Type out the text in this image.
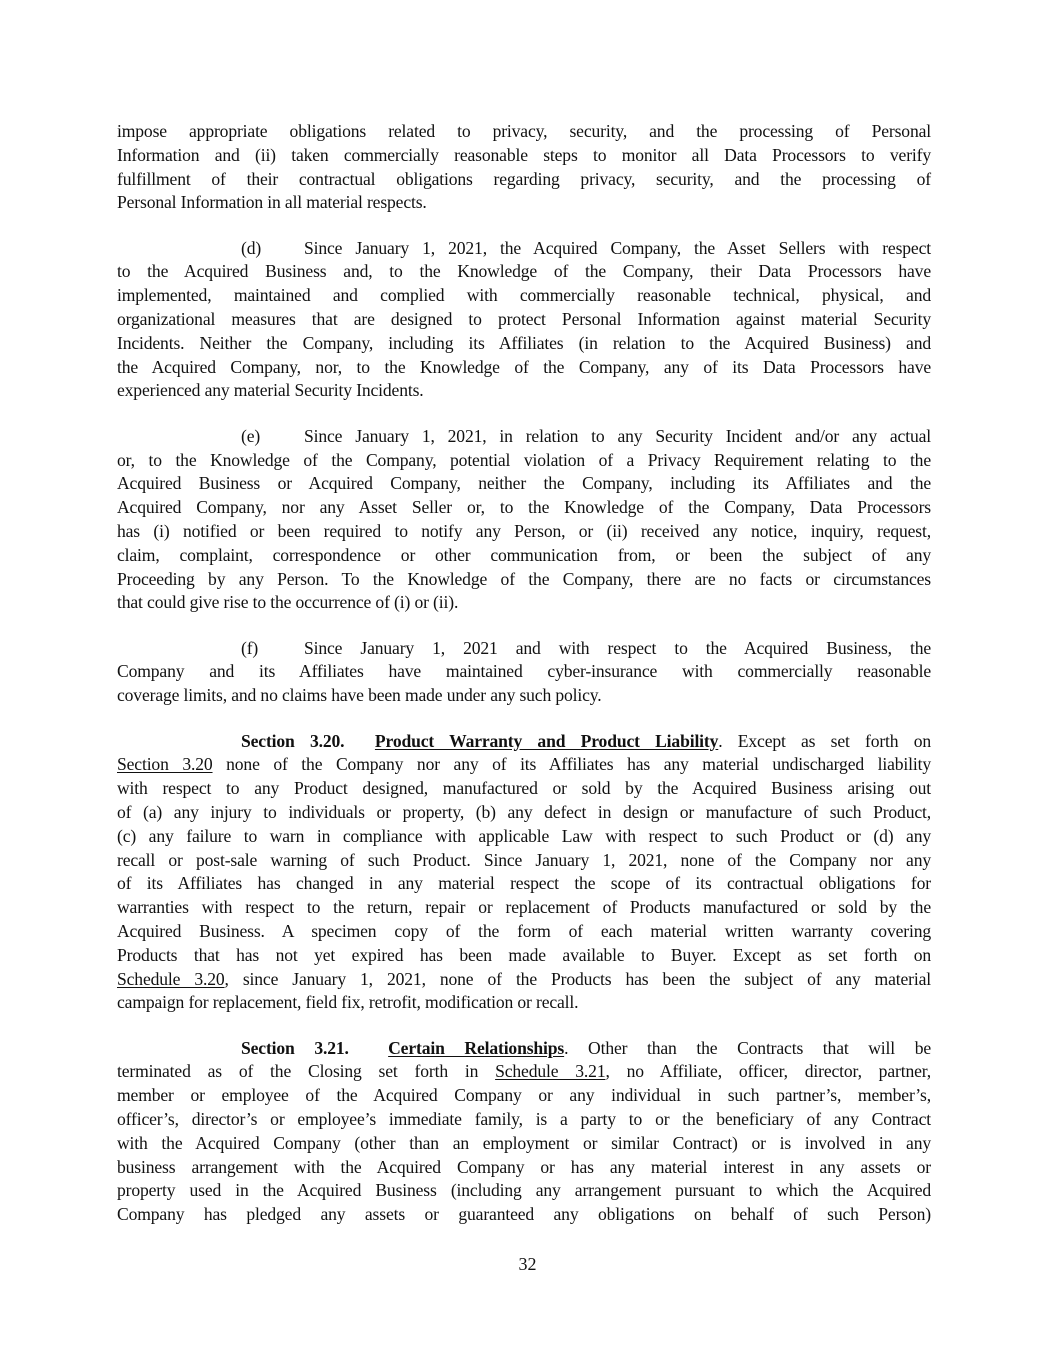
impose appropriate obligations related to privacy, security, and the processing of Personal
Information and (ii) taken commercially reasonable steps to monitor all Data Processors to verify
fulfillment of their contractual obligations regarding privacy, security, and the processing of
Personal Information in all material respects.
(d) Since January 1, 2021, the Acquired Company, the Asset Sellers with respect
to the Acquired Business and, to the Knowledge of the Company, their Data Processors have
implemented, maintained and complied with commercially reasonable technical, physical, and
organizational measures that are designed to protect Personal Information against material Security
Incidents. Neither the Company, including its Affiliates (in relation to the Acquired Business) and
the Acquired Company, nor, to the Knowledge of the Company, any of its Data Processors have
experienced any material Security Incidents.
(e) Since January 1, 2021, in relation to any Security Incident and/or any actual
or, to the Knowledge of the Company, potential violation of a Privacy Requirement relating to the
Acquired Business or Acquired Company, neither the Company, including its Affiliates and the
Acquired Company, nor any Asset Seller or, to the Knowledge of the Company, Data Processors
has (i) notified or been required to notify any Person, or (ii) received any notice, inquiry, request,
claim, complaint, correspondence or other communication from, or been the subject of any
Proceeding by any Person. To the Knowledge of the Company, there are no facts or circumstances
that could give rise to the occurrence of (i) or (ii).
(f)	Since January 1, 2021 and with respect to the Acquired Business, the
Company and its Affiliates have maintained cyber-insurance with commercially reasonable
coverage limits, and no claims have been made under any such policy.
Section 3.20. Product Warranty and Product Liability. Except as set forth on
Section 3.20 none of the Company nor any of its Affiliates has any material undischarged liability
with respect to any Product designed, manufactured or sold by the Acquired Business arising out
of (a) any injury to individuals or property, (b) any defect in design or manufacture of such Product,
(c) any failure to warn in compliance with applicable Law with respect to such Product or (d) any
recall or post-sale warning of such Product. Since January 1, 2021, none of the Company nor any
of its Affiliates has changed in any material respect the scope of its contractual obligations for
warranties with respect to the return, repair or replacement of Products manufactured or sold by the
Acquired Business. A specimen copy of the form of each material written warranty covering
Products that has not yet expired has been made available to Buyer. Except as set forth on
Schedule 3.20, since January 1, 2021, none of the Products has been the subject of any material
campaign for replacement, field fix, retrofit, modification or recall.
Section 3.21. Certain Relationships. Other than the Contracts that will be
terminated as of the Closing set forth in Schedule 3.21, no Affiliate, officer, director, partner,
member or employee of the Acquired Company or any individual in such partner’s, member’s,
officer’s, director’s or employee’s immediate family, is a party to or the beneficiary of any Contract
with the Acquired Company (other than an employment or similar Contract) or is involved in any
business arrangement with the Acquired Company or has any material interest in any assets or
property used in the Acquired Business (including any arrangement pursuant to which the Acquired
Company has pledged any assets or guaranteed any obligations on behalf of such Person)
32
